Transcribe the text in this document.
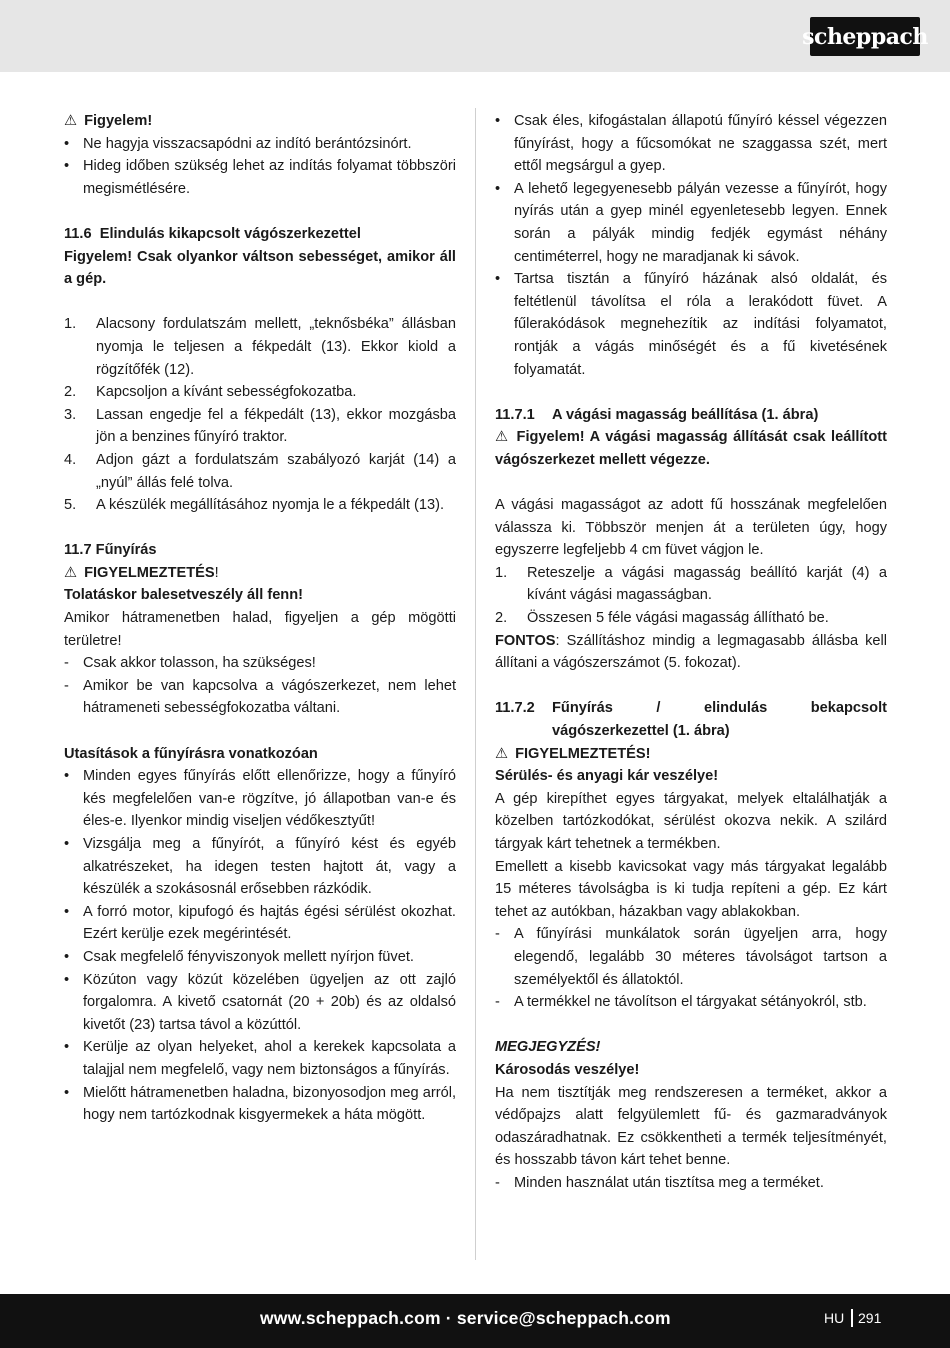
scheppach
⚠ Figyelem!
• Ne hagyja visszacsapódni az indító berántózsinórt.
• Hideg időben szükség lehet az indítás folyamat többszöri megismétlésére.
11.6 Elindulás kikapcsolt vágószerkezettel
Figyelem! Csak olyankor váltson sebességet, amikor áll a gép.
1. Alacsony fordulatszám mellett, „teknősbéka” állásban nyomja le teljesen a fékpedált (13). Ekkor kiold a rögzítőfék (12).
2. Kapcsoljon a kívánt sebességfokozatba.
3. Lassan engedje fel a fékpedált (13), ekkor mozgásba jön a benzines fűnyíró traktor.
4. Adjon gázt a fordulatszám szabályozó karját (14) a „nyúl” állás felé tolva.
5. A készülék megállításához nyomja le a fékpedált (13).
11.7 Fűnyírás
⚠ FIGYELMEZTETÉS!
Tolatáskor balesetveszély áll fenn!
Amikor hátramenetben halad, figyeljen a gép mögötti területre!
- Csak akkor tolasson, ha szükséges!
- Amikor be van kapcsolva a vágószerkezet, nem lehet hátrameneti sebességfokozatba váltani.
Utasítások a fűnyírásra vonatkozóan
• Minden egyes fűnyírás előtt ellenőrizze, hogy a fűnyíró kés megfelelően van-e rögzítve, jó állapotban van-e és éles-e. Ilyenkor mindig viseljen védőkesztyűt!
• Vizsgálja meg a fűnyírót, a fűnyíró kést és egyéb alkatrészeket, ha idegen testen hajtott át, vagy a készülék a szokásosnál erősebben rázkódik.
• A forró motor, kipufogó és hajtás égési sérülést okozhat. Ezért kerülje ezek megérintését.
• Csak megfelelő fényviszonyok mellett nyírjon füvet.
• Közúton vagy közút közelében ügyeljen az ott zajló forgalomra. A kivető csatornát (20 + 20b) és az oldalsó kivetőt (23) tartsa távol a közúttól.
• Kerülje az olyan helyeket, ahol a kerekek kapcsolata a talajjal nem megfelelő, vagy nem biztonságos a fűnyírás.
• Mielőtt hátramenetben haladna, bizonyosodjon meg arról, hogy nem tartózkodnak kisgyermekek a háta mögött.
• Csak éles, kifogástalan állapotú fűnyíró késsel végezzen fűnyírást, hogy a fűcsomókat ne szaggassa szét, mert ettől megsárgul a gyep.
• A lehető legegyenesebb pályán vezesse a fűnyírót, hogy nyírás után a gyep minél egyenletesebb legyen. Ennek során a pályák mindig fedjék egymást néhány centiméterrel, hogy ne maradjanak ki sávok.
• Tartsa tisztán a fűnyíró házának alsó oldalát, és feltétlenül távolítsa el róla a lerakódott füvet. A fűlerakódások megnehezítik az indítási folyamatot, rontják a vágás minőségét és a fű kivetésének folyamatát.
11.7.1 A vágási magasság beállítása (1. ábra)
⚠ Figyelem! A vágási magasság állítását csak leállított vágószerkezet mellett végezze.
A vágási magasságot az adott fű hosszának megfelelően válassza ki. Többször menjen át a területen úgy, hogy egyszerre legfeljebb 4 cm füvet vágjon le.
1. Reteszelje a vágási magasság beállító karját (4) a kívánt vágási magasságban.
2. Összesen 5 féle vágási magasság állítható be.
FONTOS: Szállításhoz mindig a legmagasabb állásba kell állítani a vágószerszámot (5. fokozat).
11.7.2 Fűnyírás / elindulás bekapcsolt vágószerkezettel (1. ábra)
⚠ FIGYELMEZTETÉS!
Sérülés- és anyagi kár veszélye!
A gép kirepíthet egyes tárgyakat, melyek eltalálhatják a közelben tartózkodókat, sérülést okozva nekik. A szilárd tárgyak kárt tehetnek a termékben.
Emellett a kisebb kavicsokat vagy más tárgyakat legalább 15 méteres távolságba is ki tudja repíteni a gép. Ez kárt tehet az autókban, házakban vagy ablakokban.
- A fűnyírási munkálatok során ügyeljen arra, hogy elegendő, legalább 30 méteres távolságot tartson a személyektől és állatoktól.
- A termékkel ne távolítson el tárgyakat sétányokról, stb.
MEGJEGYZÉS!
Károsodás veszélye!
Ha nem tisztítják meg rendszeresen a terméket, akkor a védőpajzs alatt felgyülemlett fű- és gazmaradványok odaszáradhatnak. Ez csökkentheti a termék teljesítményét, és hosszabb távon kárt tehet benne.
- Minden használat után tisztítsa meg a terméket.
www.scheppach.com · service@scheppach.com	HU 291
